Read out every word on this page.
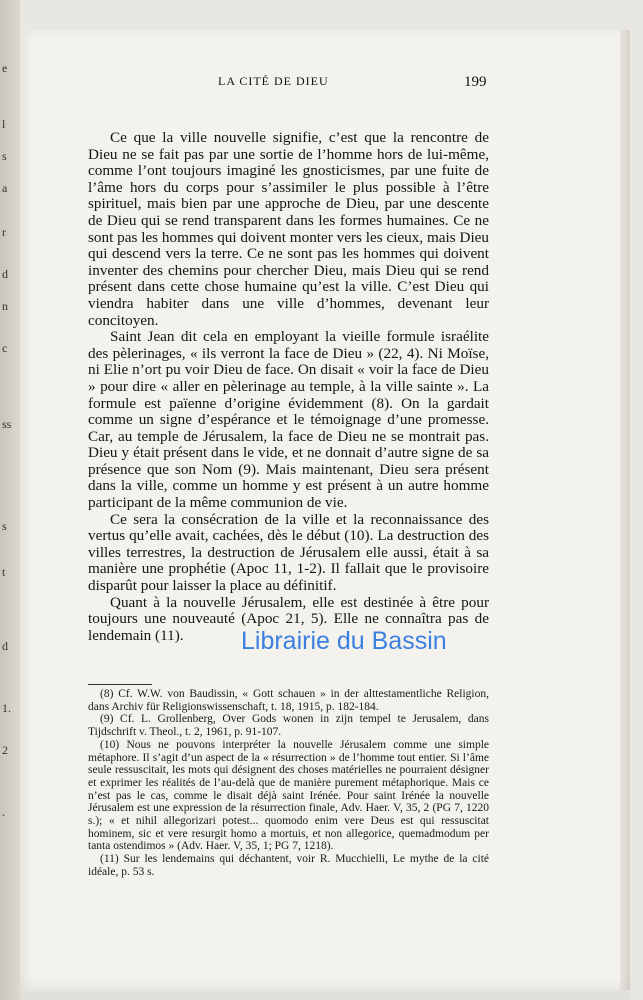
e
l
s
a
r
d
n
c
ss
s
t
d
1.
2
.
LA CITÉ DE DIEU	199

Ce que la ville nouvelle signifie, c’est que la rencontre de Dieu ne se fait pas par une sortie de l’homme hors de lui-même, comme l’ont toujours imaginé les gnosticismes, par une fuite de l’âme hors du corps pour s’assimiler le plus possible à l’être spirituel, mais bien par une approche de Dieu, par une descente de Dieu qui se rend transparent dans les formes humaines. Ce ne sont pas les hommes qui doivent monter vers les cieux, mais Dieu qui descend vers la terre. Ce ne sont pas les hommes qui doivent inventer des chemins pour chercher Dieu, mais Dieu qui se rend présent dans cette chose humaine qu’est la ville. C’est Dieu qui viendra habiter dans une ville d’hommes, devenant leur concitoyen.

Saint Jean dit cela en employant la vieille formule israélite des pèlerinages, « ils verront la face de Dieu » (22, 4). Ni Moïse, ni Elie n’ort pu voir Dieu de face. On disait « voir la face de Dieu » pour dire « aller en pèlerinage au temple, à la ville sainte ». La formule est païenne d’origine évidemment (8). On la gardait comme un signe d’espérance et le témoignage d’une promesse. Car, au temple de Jérusalem, la face de Dieu ne se montrait pas. Dieu y était présent dans le vide, et ne donnait d’autre signe de sa présence que son Nom (9). Mais maintenant, Dieu sera présent dans la ville, comme un homme y est présent à un autre homme participant de la même communion de vie.

Ce sera la consécration de la ville et la reconnaissance des vertus qu’elle avait, cachées, dès le début (10). La destruction des villes terrestres, la destruction de Jérusalem elle aussi, était à sa manière une prophétie (Apoc 11, 1-2). Il fallait que le provisoire disparût pour laisser la place au définitif.

Quant à la nouvelle Jérusalem, elle est destinée à être pour toujours une nouveauté (Apoc 21, 5). Elle ne connaîtra pas de lendemain (11).	Librairie du Bassin

(8) Cf. W.W. von Baudissin, « Gott schauen » in der alttestamentliche Religion, dans Archiv für Religionswissenschaft, t. 18, 1915, p. 182-184.

(9) Cf. L. Grollenberg, Over Gods wonen in zijn tempel te Jerusalem, dans Tijdschrift v. Theol., t. 2, 1961, p. 91-107.

(10) Nous ne pouvons interpréter la nouvelle Jérusalem comme une simple métaphore. Il s’agit d’un aspect de la « résurrection » de l’homme tout entier. Si l’âme seule ressuscitait, les mots qui désignent des choses matérielles ne pourraient désigner et exprimer les réalités de l’au-delà que de manière purement métaphorique. Mais ce n’est pas le cas, comme le disait déjà saint Irénée. Pour saint Irénée la nouvelle Jérusalem est une expression de la résurrection finale, Adv. Haer. V, 35, 2 (PG 7, 1220 s.); « et nihil allegorizari potest... quomodo enim vere Deus est qui ressuscitat hominem, sic et vere resurgit homo a mortuis, et non allegorice, quemadmodum per tanta ostendimos » (Adv. Haer. V, 35, 1; PG 7, 1218).

(11) Sur les lendemains qui déchantent, voir R. Mucchielli, Le mythe de la cité idéale, p. 53 s.
